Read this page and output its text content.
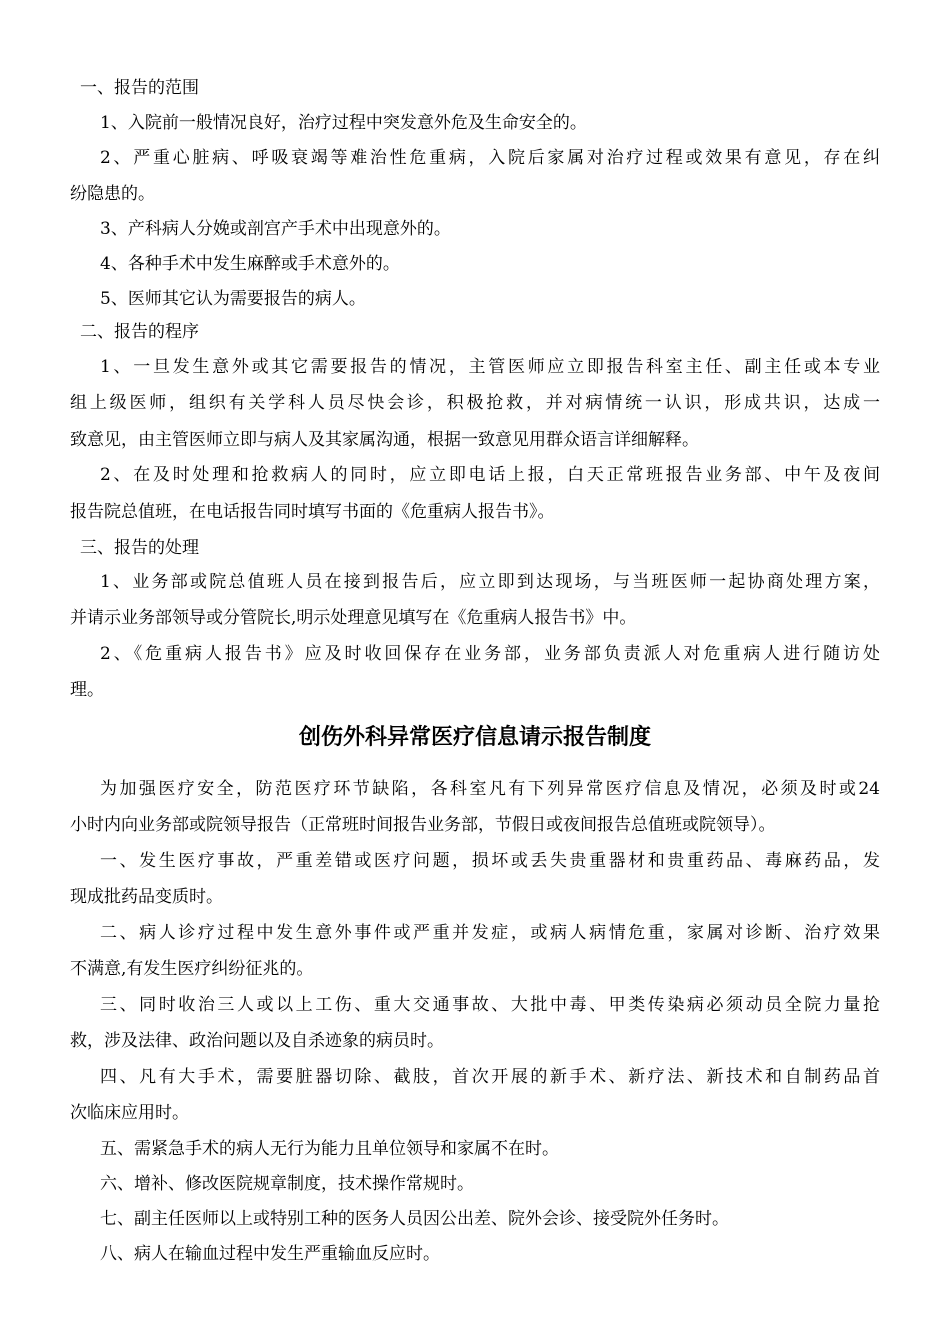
一、报告的范围
1、入院前一般情况良好，治疗过程中突发意外危及生命安全的。
2、严重心脏病、呼吸衰竭等难治性危重病，入院后家属对治疗过程或效果有意见，存在纠
纷隐患的。
3、产科病人分娩或剖宫产手术中出现意外的。
4、各种手术中发生麻醉或手术意外的。
5、医师其它认为需要报告的病人。
二、报告的程序
1、一旦发生意外或其它需要报告的情况，主管医师应立即报告科室主任、副主任或本专业
组上级医师，组织有关学科人员尽快会诊，积极抢救，并对病情统一认识，形成共识，达成一
致意见，由主管医师立即与病人及其家属沟通，根据一致意见用群众语言详细解释。
2、在及时处理和抢救病人的同时，应立即电话上报，白天正常班报告业务部、中午及夜间
报告院总值班，在电话报告同时填写书面的《危重病人报告书》。
三、报告的处理
1、业务部或院总值班人员在接到报告后，应立即到达现场，与当班医师一起协商处理方案，
并请示业务部领导或分管院长,明示处理意见填写在《危重病人报告书》中。
2、《危重病人报告书》应及时收回保存在业务部，业务部负责派人对危重病人进行随访处
理。
创伤外科异常医疗信息请示报告制度
为加强医疗安全，防范医疗环节缺陷，各科室凡有下列异常医疗信息及情况，必须及时或24
小时内向业务部或院领导报告（正常班时间报告业务部，节假日或夜间报告总值班或院领导）。
一、发生医疗事故，严重差错或医疗问题，损坏或丢失贵重器材和贵重药品、毒麻药品，发
现成批药品变质时。
二、病人诊疗过程中发生意外事件或严重并发症，或病人病情危重，家属对诊断、治疗效果
不满意,有发生医疗纠纷征兆的。
三、同时收治三人或以上工伤、重大交通事故、大批中毒、甲类传染病必须动员全院力量抢
救，涉及法律、政治问题以及自杀迹象的病员时。
四、凡有大手术，需要脏器切除、截肢，首次开展的新手术、新疗法、新技术和自制药品首
次临床应用时。
五、需紧急手术的病人无行为能力且单位领导和家属不在时。
六、增补、修改医院规章制度，技术操作常规时。
七、副主任医师以上或特别工种的医务人员因公出差、院外会诊、接受院外任务时。
八、病人在输血过程中发生严重输血反应时。
